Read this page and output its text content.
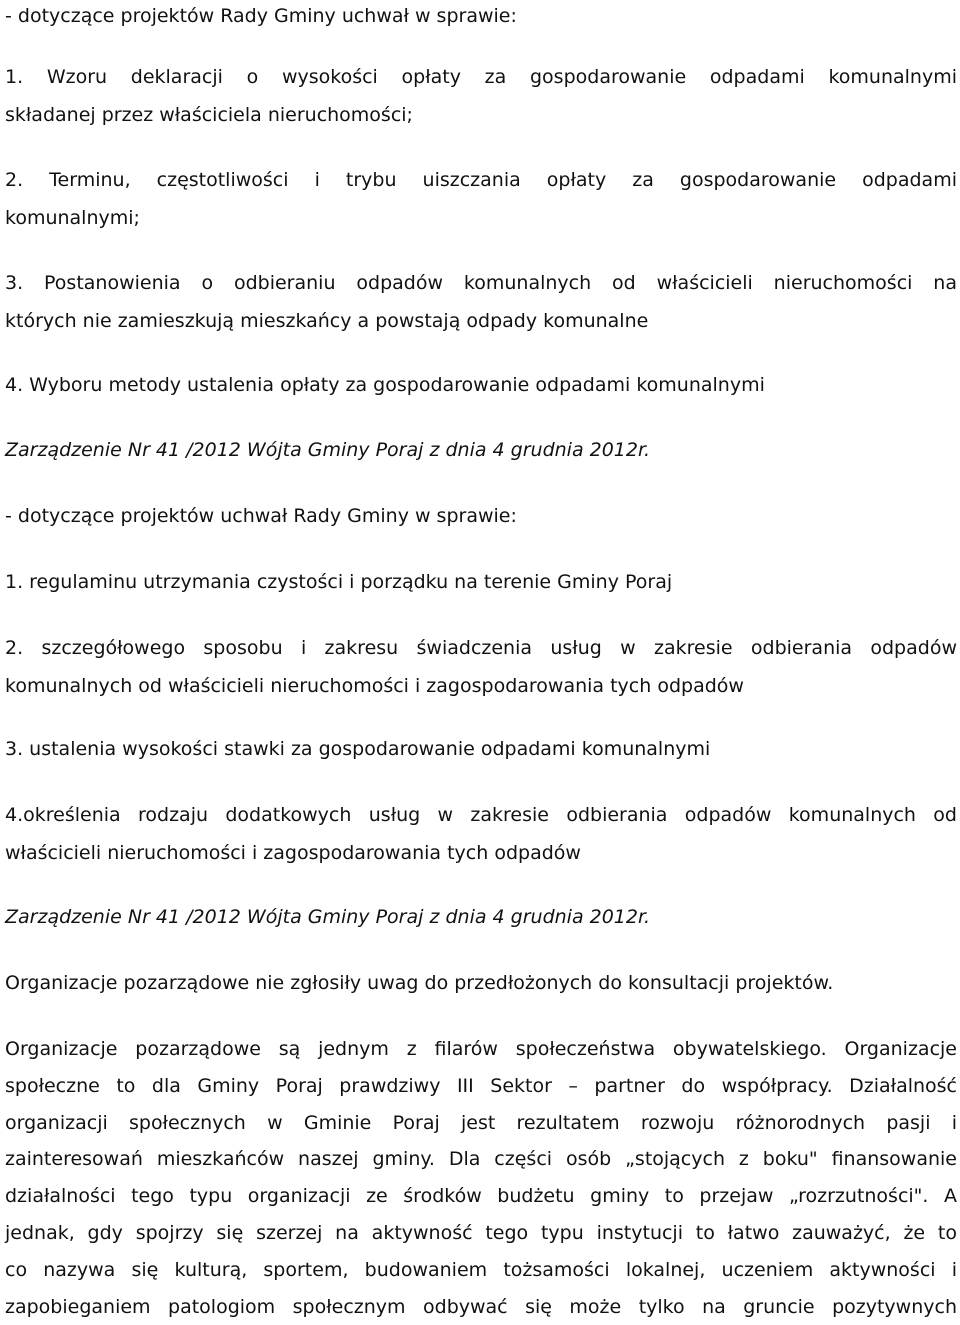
- dotyczące projektów Rady Gminy uchwał w sprawie:
1. Wzoru deklaracji o wysokości opłaty za gospodarowanie odpadami komunalnymi
składanej przez właściciela nieruchomości;
2. Terminu, częstotliwości i trybu uiszczania opłaty za gospodarowanie odpadami
komunalnymi;
3. Postanowienia o odbieraniu odpadów komunalnych od właścicieli nieruchomości na
których nie zamieszkują mieszkańcy a powstają odpady komunalne
4. Wyboru metody ustalenia opłaty za gospodarowanie odpadami komunalnymi
Zarządzenie Nr 41 /2012 Wójta Gminy Poraj z dnia 4 grudnia 2012r.
- dotyczące projektów uchwał Rady Gminy w sprawie:
1. regulaminu utrzymania czystości i porządku na terenie Gminy Poraj
2. szczegółowego sposobu i zakresu świadczenia usług w zakresie odbierania odpadów
komunalnych od właścicieli nieruchomości i zagospodarowania tych odpadów
3. ustalenia wysokości stawki za gospodarowanie odpadami komunalnymi
4.określenia rodzaju dodatkowych usług w zakresie odbierania odpadów komunalnych od
właścicieli nieruchomości i zagospodarowania tych odpadów
Zarządzenie Nr 41 /2012 Wójta Gminy Poraj z dnia 4 grudnia 2012r.
Organizacje pozarządowe nie zgłosiły uwag do przedłożonych do konsultacji projektów.
Organizacje pozarządowe są jednym z filarów społeczeństwa obywatelskiego. Organizacje
społeczne to dla Gminy Poraj prawdziwy III Sektor – partner do współpracy. Działalność
organizacji społecznych w Gminie Poraj jest rezultatem rozwoju różnorodnych pasji i
zainteresowań mieszkańców naszej gminy. Dla części osób „stojących z boku" finansowanie
działalności tego typu organizacji ze środków budżetu gminy to przejaw „rozrzutności". A
jednak, gdy spojrzy się szerzej na aktywność tego typu instytucji to łatwo zauważyć, że to
co nazywa się kulturą, sportem, budowaniem tożsamości lokalnej, uczeniem aktywności i
zapobieganiem patologiom społecznym odbywać się może tylko na gruncie pozytywnych
